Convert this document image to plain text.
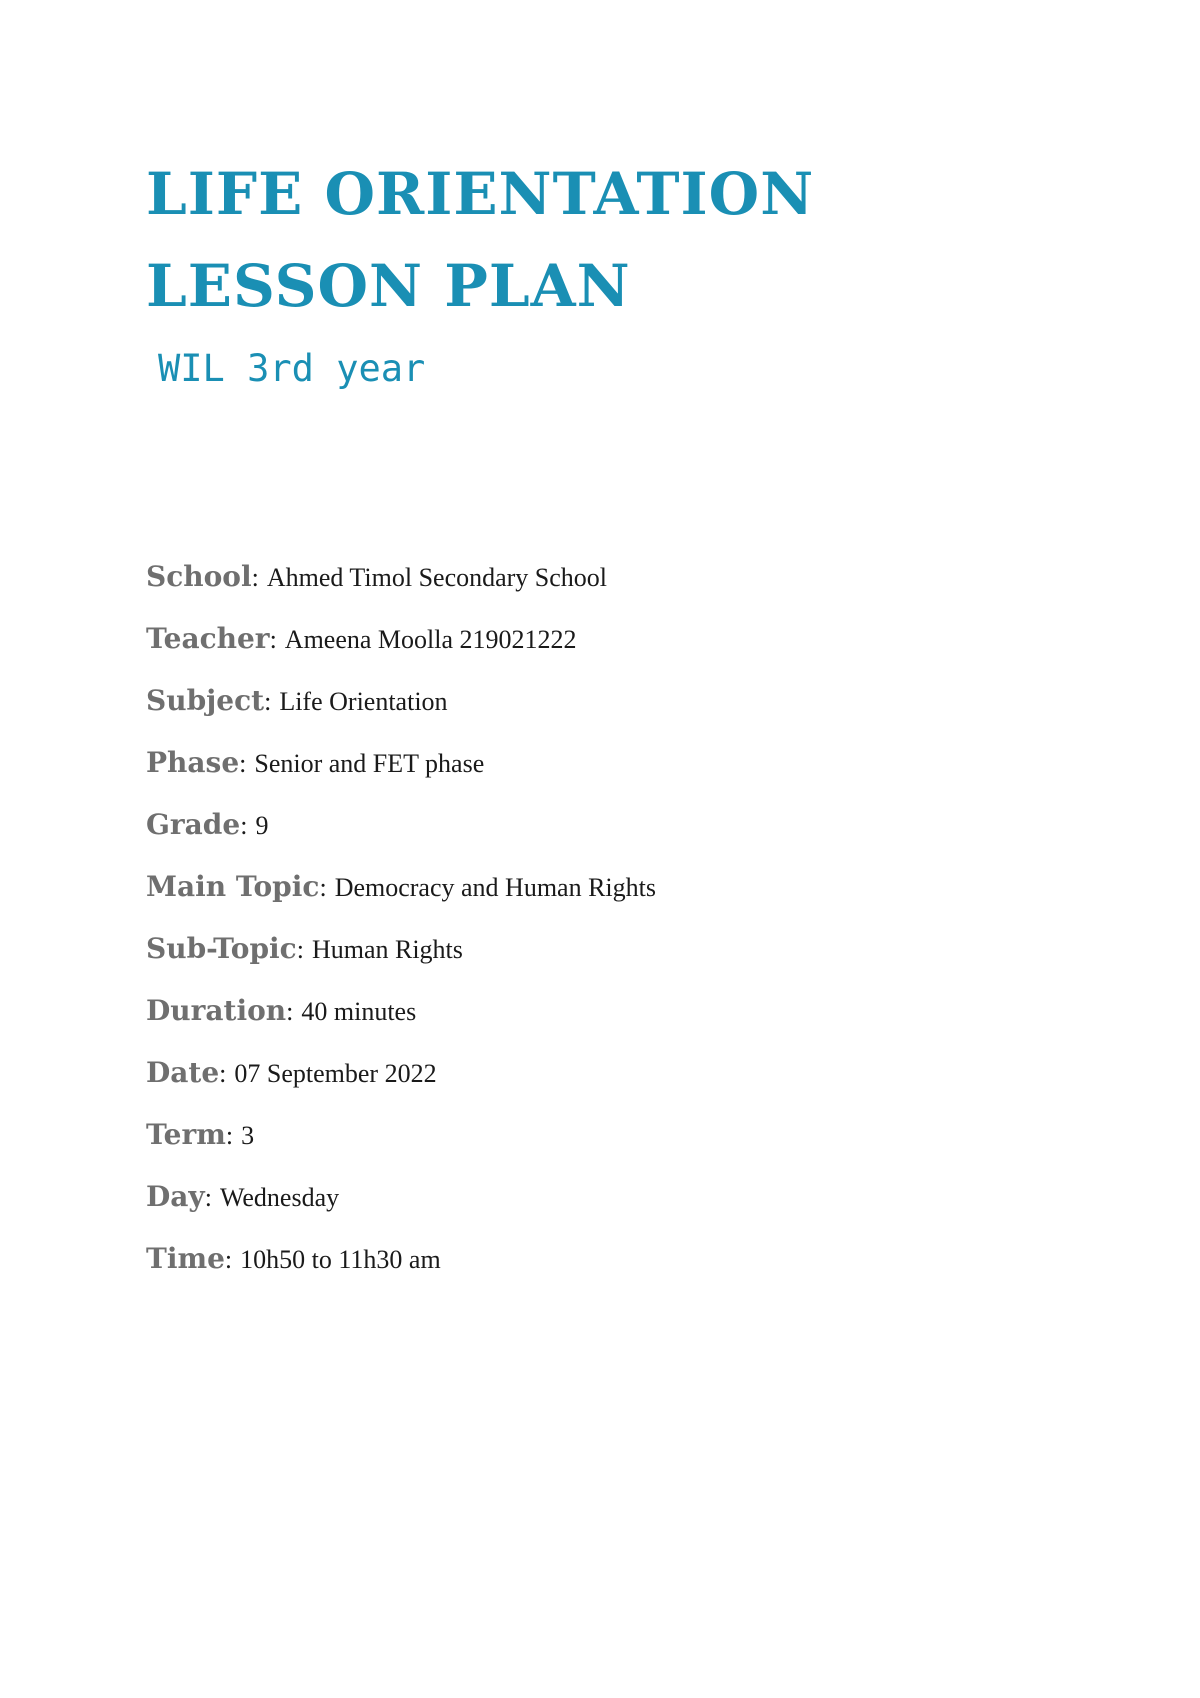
LIFE ORIENTATION
LESSON PLAN
WIL 3rd year
School : Ahmed Timol Secondary School
Teacher : Ameena Moolla 219021222
Subject : Life Orientation
Phase : Senior and FET phase
Grade : 9
Main Topic : Democracy and Human Rights
Sub-Topic : Human Rights
Duration : 40 minutes
Date : 07 September 2022
Term : 3
Day : Wednesday
Time : 10h50 to 11h30 am
